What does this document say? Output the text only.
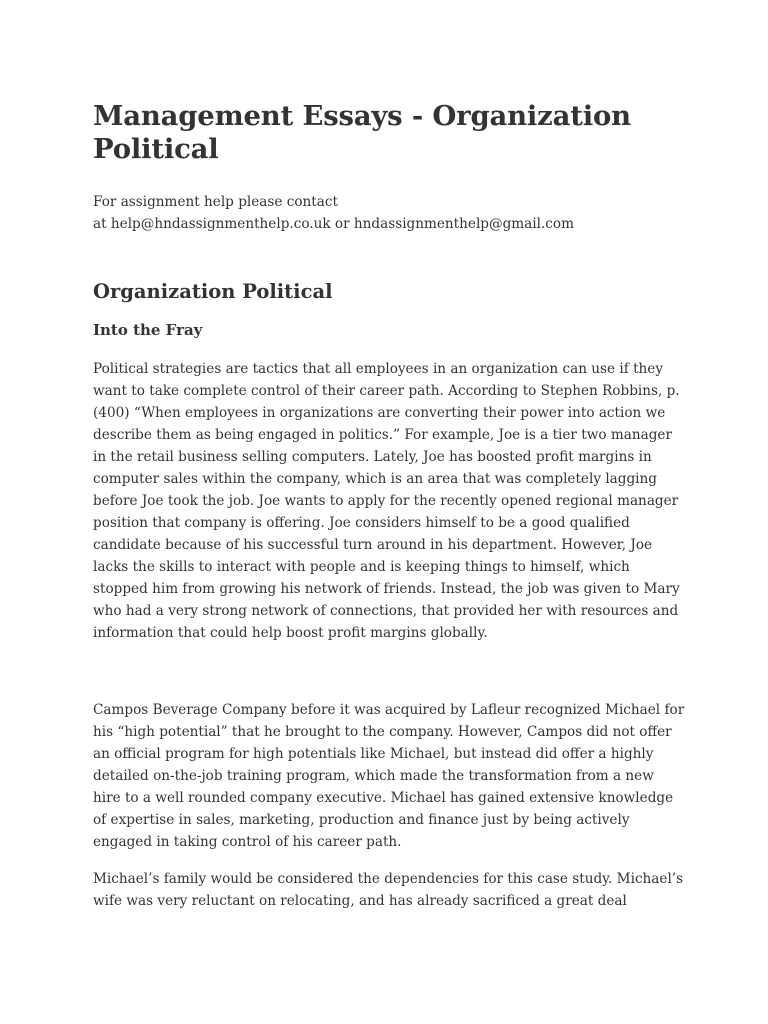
Management Essays - Organization
Political
For assignment help please contact
at help@hndassignmenthelp.co.uk or hndassignmenthelp@gmail.com
Organization Political
Into the Fray

Political strategies are tactics that all employees in an organization can use if they
want to take complete control of their career path. According to Stephen Robbins, p.
(400) “When employees in organizations are converting their power into action we
describe them as being engaged in politics.” For example, Joe is a tier two manager
in the retail business selling computers. Lately, Joe has boosted profit margins in
computer sales within the company, which is an area that was completely lagging
before Joe took the job. Joe wants to apply for the recently opened regional manager
position that company is offering. Joe considers himself to be a good qualified
candidate because of his successful turn around in his department. However, Joe
lacks the skills to interact with people and is keeping things to himself, which
stopped him from growing his network of friends. Instead, the job was given to Mary
who had a very strong network of connections, that provided her with resources and
information that could help boost profit margins globally.

Campos Beverage Company before it was acquired by Lafleur recognized Michael for
his “high potential” that he brought to the company. However, Campos did not offer
an official program for high potentials like Michael, but instead did offer a highly
detailed on-the-job training program, which made the transformation from a new
hire to a well rounded company executive. Michael has gained extensive knowledge
of expertise in sales, marketing, production and finance just by being actively
engaged in taking control of his career path.

Michael’s family would be considered the dependencies for this case study. Michael’s
wife was very reluctant on relocating, and has already sacrificed a great deal
